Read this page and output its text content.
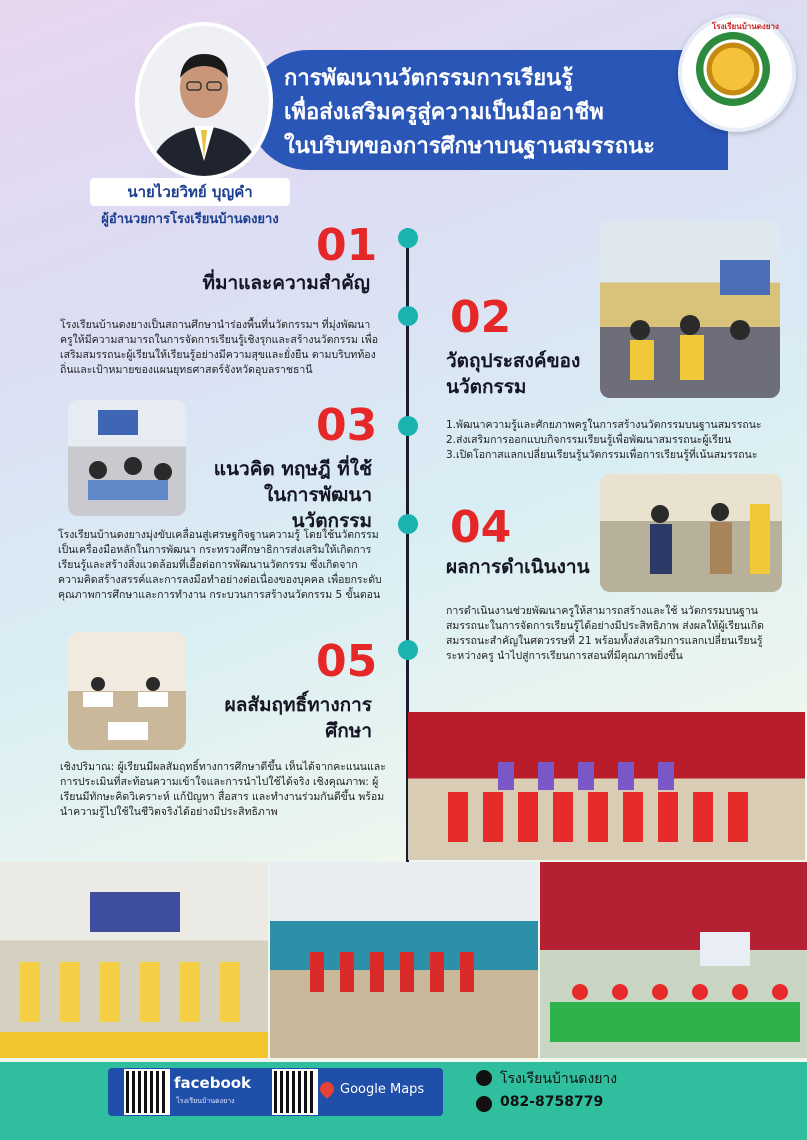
การพัฒนานวัตกรรมการเรียนรู้
เพื่อส่งเสริมครูสู่ความเป็นมืออาชีพ
ในบริบทของการศึกษาบนฐานสมรรถนะ
โรงเรียนบ้านดงยาง
นายไวยวิทย์ บุญคำ
ผู้อำนวยการโรงเรียนบ้านดงยาง
01
ที่มาและความสำคัญ
โรงเรียนบ้านดงยางเป็นสถานศึกษานำร่องพื้นที่นวัตกรรมฯ ที่มุ่งพัฒนาครูให้มีความสามารถในการจัดการเรียนรู้เชิงรุกและสร้างนวัตกรรม เพื่อเสริมสมรรถนะผู้เรียนให้เรียนรู้อย่างมีความสุขและยั่งยืน ตามบริบทท้องถิ่นและเป้าหมายของแผนยุทธศาสตร์จังหวัดอุบลราชธานี
02
วัตถุประสงค์ของ
นวัตกรรม
1.พัฒนาความรู้และศักยภาพครูในการสร้างนวัตกรรมบนฐานสมรรถนะ
2.ส่งเสริมการออกแบบกิจกรรมเรียนรู้เพื่อพัฒนาสมรรถนะผู้เรียน
3.เปิดโอกาสแลกเปลี่ยนเรียนรู้นวัตกรรมเพื่อการเรียนรู้ที่เน้นสมรรถนะ
03
แนวคิด ทฤษฎี ที่ใช้
ในการพัฒนา
นวัตกรรม
โรงเรียนบ้านดงยางมุ่งขับเคลื่อนสู่เศรษฐกิจฐานความรู้ โดยใช้นวัตกรรมเป็นเครื่องมือหลักในการพัฒนา กระทรวงศึกษาธิการส่งเสริมให้เกิดการเรียนรู้และสร้างสิ่งแวดล้อมที่เอื้อต่อการพัฒนานวัตกรรม ซึ่งเกิดจากความคิดสร้างสรรค์และการลงมือทำอย่างต่อเนื่องของบุคคล เพื่อยกระดับคุณภาพการศึกษาและการทำงาน กระบวนการสร้างนวัตกรรม 5 ขั้นตอน
04
ผลการดำเนินงาน
การดำเนินงานช่วยพัฒนาครูให้สามารถสร้างและใช้ นวัตกรรมบนฐานสมรรถนะในการจัดการเรียนรู้ได้อย่างมีประสิทธิภาพ ส่งผลให้ผู้เรียนเกิดสมรรถนะสำคัญในศตวรรษที่ 21 พร้อมทั้งส่งเสริมการแลกเปลี่ยนเรียนรู้ระหว่างครู นำไปสู่การเรียนการสอนที่มีคุณภาพยิ่งขึ้น
05
ผลสัมฤทธิ์ทางการ
ศึกษา
เชิงปริมาณ: ผู้เรียนมีผลสัมฤทธิ์ทางการศึกษาดีขึ้น เห็นได้จากคะแนนและการประเมินที่สะท้อนความเข้าใจและการนำไปใช้ได้จริง เชิงคุณภาพ: ผู้เรียนมีทักษะคิดวิเคราะห์ แก้ปัญหา สื่อสาร และทำงานร่วมกันดีขึ้น พร้อมนำความรู้ไปใช้ในชีวิตจริงได้อย่างมีประสิทธิภาพ
facebook
โรงเรียนบ้านดงยาง
Google Maps
โรงเรียนบ้านดงยาง
082-8758779
